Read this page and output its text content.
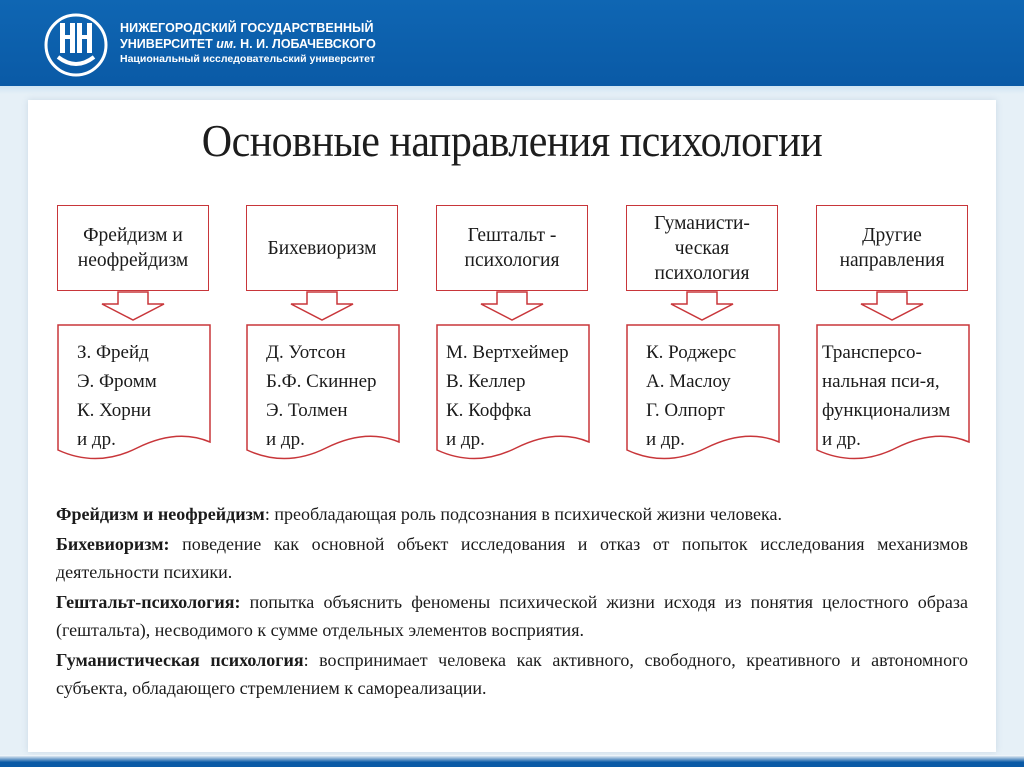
НИЖЕГОРОДСКИЙ ГОСУДАРСТВЕННЫЙ
УНИВЕРСИТЕТ им. Н. И. ЛОБАЧЕВСКОГО
Национальный исследовательский университет
Основные направления психологии
Фрейдизм и неофрейдизм
З. Фрейд
Э. Фромм
К. Хорни
и др.
Бихевиоризм
Д. Уотсон
Б.Ф. Скиннер
Э. Толмен
и др.
Гештальт - психология
М. Вертхеймер
В. Келлер
К. Коффка
и др.
Гуманисти- ческая психология
К. Роджерс
А. Маслоу
Г. Олпорт
и др.
Другие направления
Трансперсо-
нальная пси-я,
функционализм
и др.

Фрейдизм и неофрейдизм: преобладающая роль подсознания в психической жизни человека.

Бихевиоризм: поведение как основной объект исследования и отказ от попыток исследования механизмов деятельности психики.

Гештальт-психология: попытка объяснить феномены психической жизни исходя из понятия целостного образа (гештальта), несводимого к сумме отдельных элементов восприятия.

Гуманистическая психология: воспринимает человека как активного, свободного, креативного и автономного субъекта, обладающего стремлением к самореализации.
